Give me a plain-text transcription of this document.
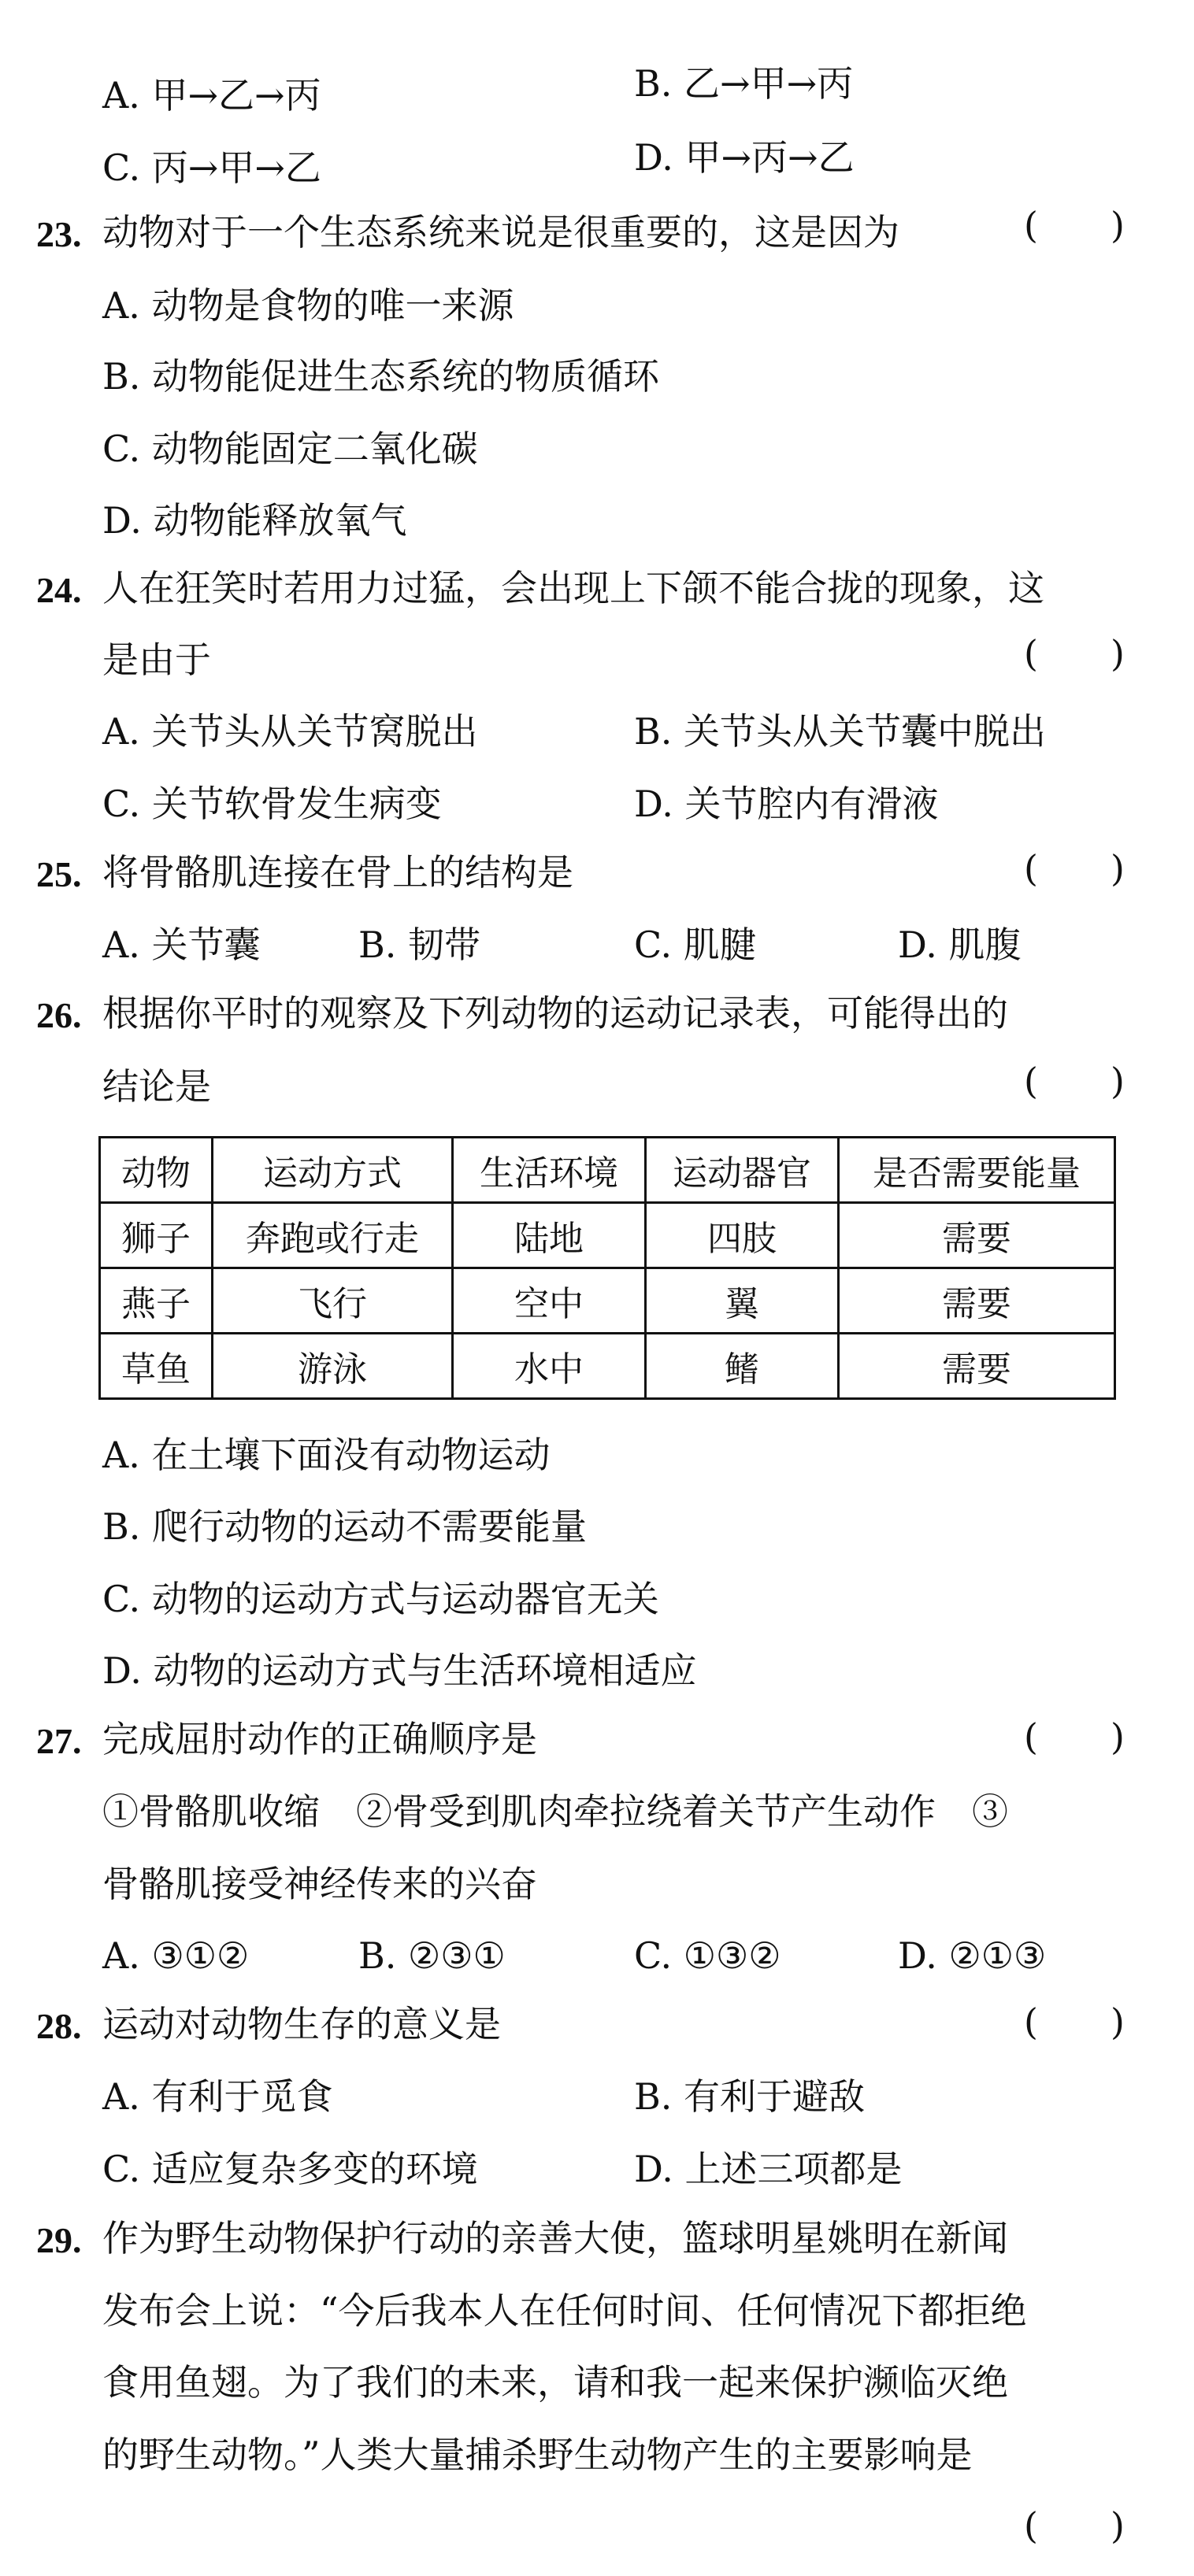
A. 甲→乙→丙	B. 乙→甲→丙
C. 丙→甲→乙	D. 甲→丙→乙
23. 动物对于一个生态系统来说是很重要的，这是因为	(　　)
A. 动物是食物的唯一来源
B. 动物能促进生态系统的物质循环
C. 动物能固定二氧化碳
D. 动物能释放氧气
24. 人在狂笑时若用力过猛，会出现上下颌不能合拢的现象，这
是由于	(　　)
A. 关节头从关节窝脱出	B. 关节头从关节囊中脱出
C. 关节软骨发生病变	D. 关节腔内有滑液
25. 将骨骼肌连接在骨上的结构是	(　　)
A. 关节囊	B. 韧带	C. 肌腱	D. 肌腹
26. 根据你平时的观察及下列动物的运动记录表，可能得出的
结论是	(　　)
动物	运动方式	生活环境	运动器官	是否需要能量
狮子	奔跑或行走	陆地	四肢	需要
燕子	飞行	空中	翼	需要
草鱼	游泳	水中	鳍	需要
A. 在土壤下面没有动物运动
B. 爬行动物的运动不需要能量
C. 动物的运动方式与运动器官无关
D. 动物的运动方式与生活环境相适应
27. 完成屈肘动作的正确顺序是	(　　)
①骨骼肌收缩　②骨受到肌肉牵拉绕着关节产生动作　③
骨骼肌接受神经传来的兴奋
A. ③①②	B. ②③①	C. ①③②	D. ②①③
28. 运动对动物生存的意义是	(　　)
A. 有利于觅食	B. 有利于避敌
C. 适应复杂多变的环境	D. 上述三项都是
29. 作为野生动物保护行动的亲善大使，篮球明星姚明在新闻
发布会上说：“今后我本人在任何时间、任何情况下都拒绝
食用鱼翅。为了我们的未来，请和我一起来保护濒临灭绝
的野生动物。”人类大量捕杀野生动物产生的主要影响是
(　　)
